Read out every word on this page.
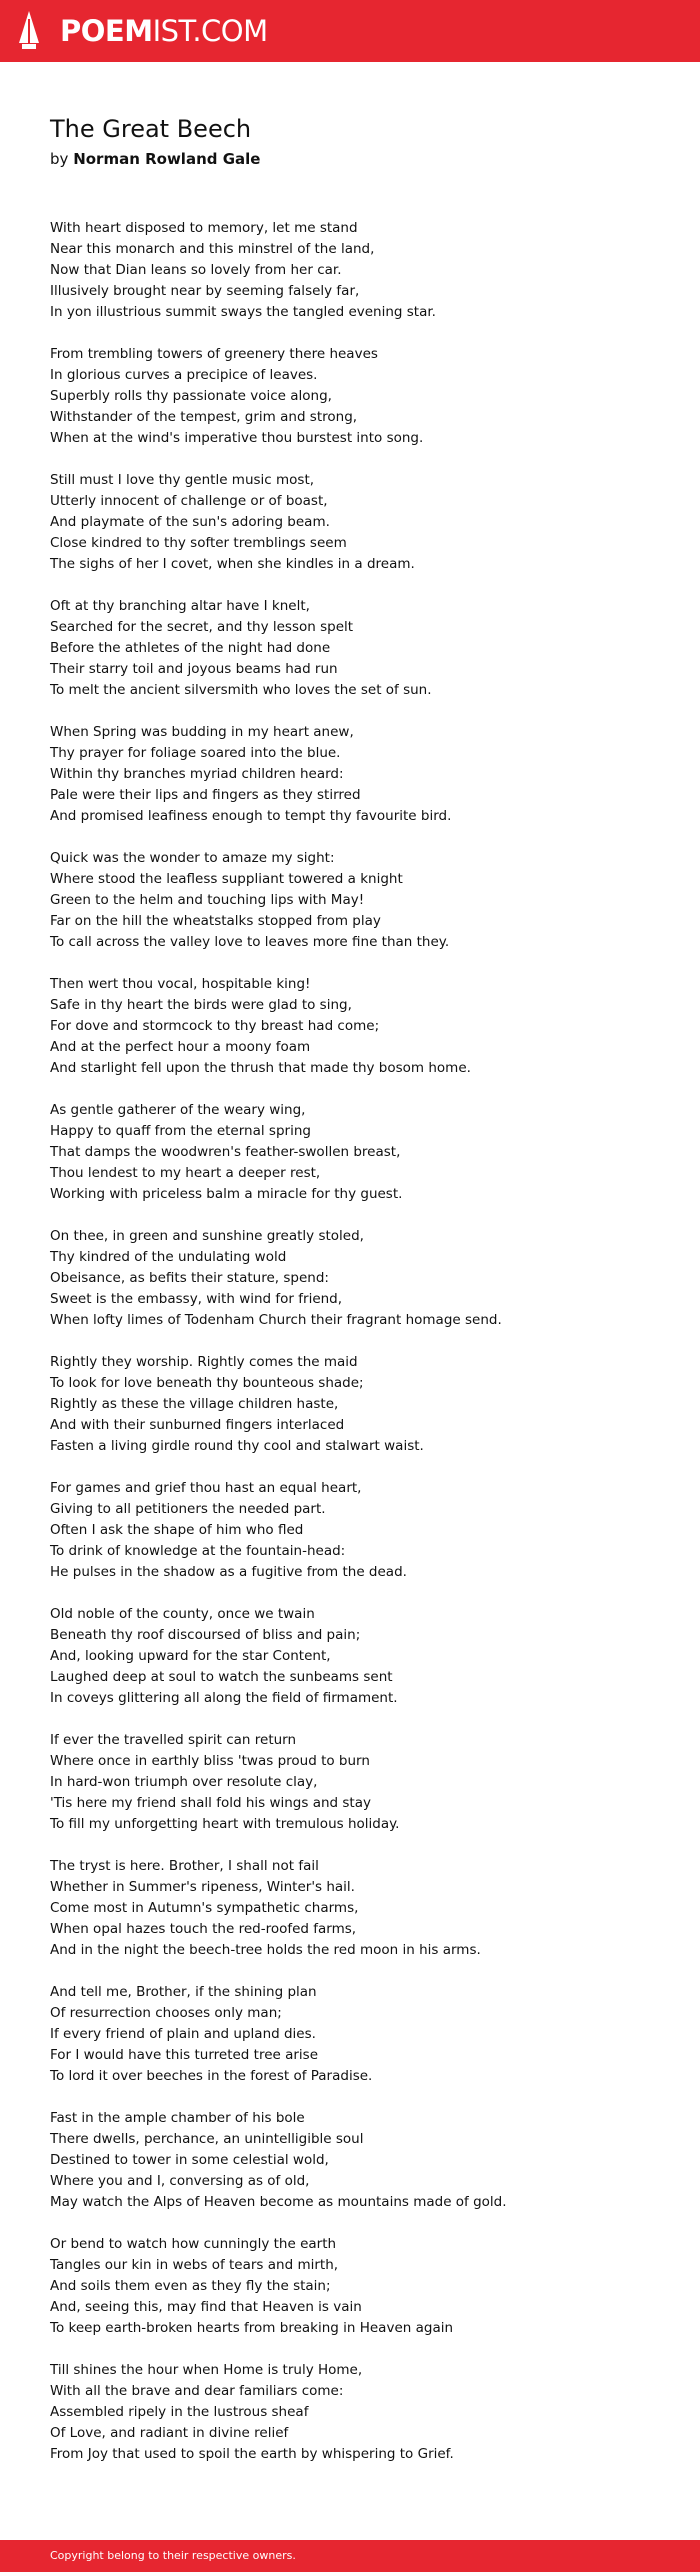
POEMIST.COM
The Great Beech
by Norman Rowland Gale
With heart disposed to memory, let me stand
Near this monarch and this minstrel of the land,
Now that Dian leans so lovely from her car.
Illusively brought near by seeming falsely far,
In yon illustrious summit sways the tangled evening star.
From trembling towers of greenery there heaves
In glorious curves a precipice of leaves.
Superbly rolls thy passionate voice along,
Withstander of the tempest, grim and strong,
When at the wind's imperative thou burstest into song.
Still must I love thy gentle music most,
Utterly innocent of challenge or of boast,
And playmate of the sun's adoring beam.
Close kindred to thy softer tremblings seem
The sighs of her I covet, when she kindles in a dream.
Oft at thy branching altar have I knelt,
Searched for the secret, and thy lesson spelt
Before the athletes of the night had done
Their starry toil and joyous beams had run
To melt the ancient silversmith who loves the set of sun.
When Spring was budding in my heart anew,
Thy prayer for foliage soared into the blue.
Within thy branches myriad children heard:
Pale were their lips and fingers as they stirred
And promised leafiness enough to tempt thy favourite bird.
Quick was the wonder to amaze my sight:
Where stood the leafless suppliant towered a knight
Green to the helm and touching lips with May!
Far on the hill the wheatstalks stopped from play
To call across the valley love to leaves more fine than they.
Then wert thou vocal, hospitable king!
Safe in thy heart the birds were glad to sing,
For dove and stormcock to thy breast had come;
And at the perfect hour a moony foam
And starlight fell upon the thrush that made thy bosom home.
As gentle gatherer of the weary wing,
Happy to quaff from the eternal spring
That damps the woodwren's feather-swollen breast,
Thou lendest to my heart a deeper rest,
Working with priceless balm a miracle for thy guest.
On thee, in green and sunshine greatly stoled,
Thy kindred of the undulating wold
Obeisance, as befits their stature, spend:
Sweet is the embassy, with wind for friend,
When lofty limes of Todenham Church their fragrant homage send.
Rightly they worship. Rightly comes the maid
To look for love beneath thy bounteous shade;
Rightly as these the village children haste,
And with their sunburned fingers interlaced
Fasten a living girdle round thy cool and stalwart waist.
For games and grief thou hast an equal heart,
Giving to all petitioners the needed part.
Often I ask the shape of him who fled
To drink of knowledge at the fountain-head:
He pulses in the shadow as a fugitive from the dead.
Old noble of the county, once we twain
Beneath thy roof discoursed of bliss and pain;
And, looking upward for the star Content,
Laughed deep at soul to watch the sunbeams sent
In coveys glittering all along the field of firmament.
If ever the travelled spirit can return
Where once in earthly bliss 'twas proud to burn
In hard-won triumph over resolute clay,
'Tis here my friend shall fold his wings and stay
To fill my unforgetting heart with tremulous holiday.
The tryst is here. Brother, I shall not fail
Whether in Summer's ripeness, Winter's hail.
Come most in Autumn's sympathetic charms,
When opal hazes touch the red-roofed farms,
And in the night the beech-tree holds the red moon in his arms.
And tell me, Brother, if the shining plan
Of resurrection chooses only man;
If every friend of plain and upland dies.
For I would have this turreted tree arise
To lord it over beeches in the forest of Paradise.
Fast in the ample chamber of his bole
There dwells, perchance, an unintelligible soul
Destined to tower in some celestial wold,
Where you and I, conversing as of old,
May watch the Alps of Heaven become as mountains made of gold.
Or bend to watch how cunningly the earth
Tangles our kin in webs of tears and mirth,
And soils them even as they fly the stain;
And, seeing this, may find that Heaven is vain
To keep earth-broken hearts from breaking in Heaven again
Till shines the hour when Home is truly Home,
With all the brave and dear familiars come:
Assembled ripely in the lustrous sheaf
Of Love, and radiant in divine relief
From Joy that used to spoil the earth by whispering to Grief.
Copyright belong to their respective owners.
